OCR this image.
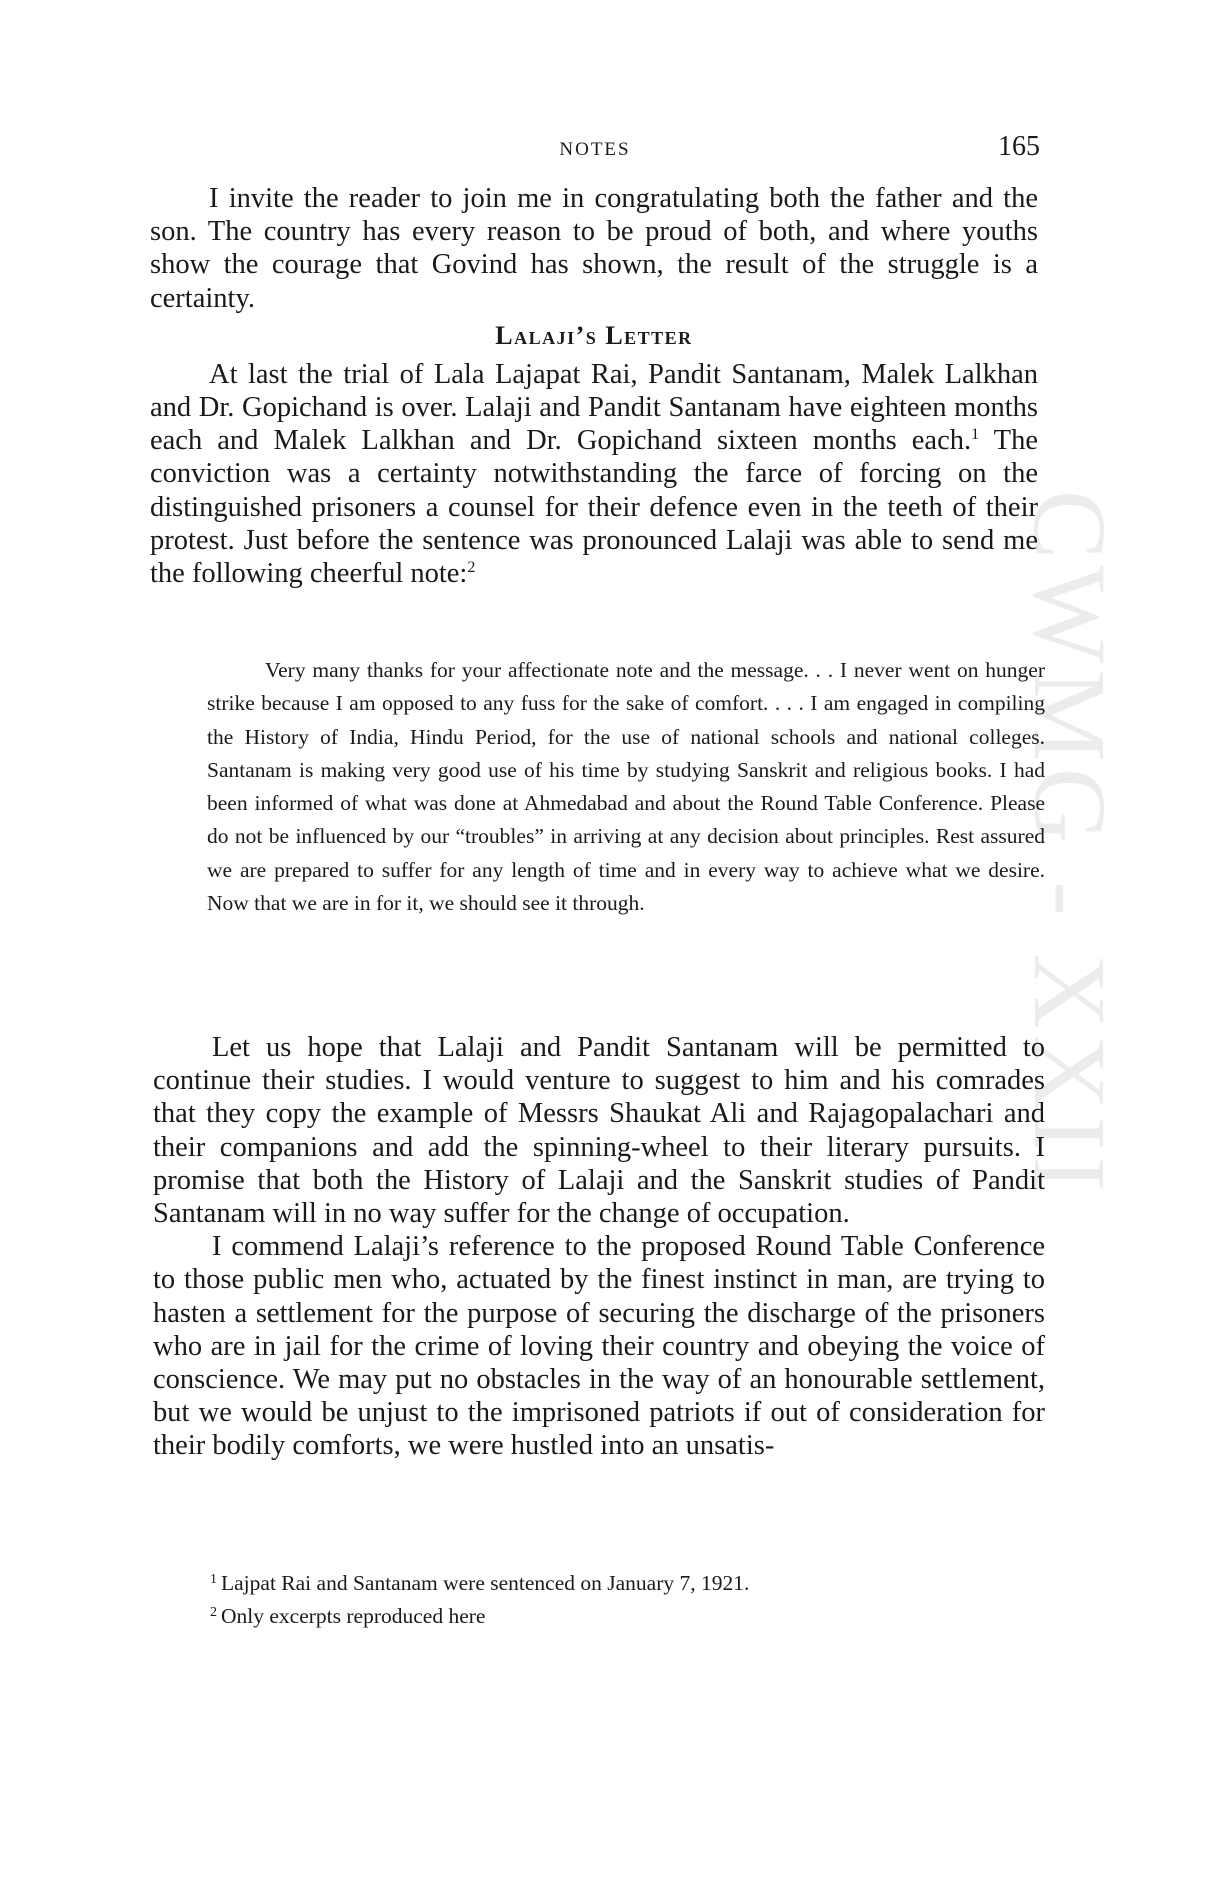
CWMG - XXII
NOTES	165

I invite the reader to join me in congratulating both the father and the son. The country has every reason to be proud of both, and where youths show the courage that Govind has shown, the result of the struggle is a certainty.

Lalaji’s Letter

At last the trial of Lala Lajapat Rai, Pandit Santanam, Malek Lalkhan and Dr. Gopichand is over. Lalaji and Pandit Santanam have eighteen months each and Malek Lalkhan and Dr. Gopichand sixteen months each.$^1$ The conviction was a certainty notwithstanding the farce of forcing on the distinguished prisoners a counsel for their defence even in the teeth of their protest. Just before the sentence was pronounced Lalaji was able to send me the following cheerful note:$^2$

Very many thanks for your affectionate note and the message. . . I never went on hunger strike because I am opposed to any fuss for the sake of comfort. . . . I am engaged in compiling the History of India, Hindu Period, for the use of national schools and national colleges. Santanam is making very good use of his time by studying Sanskrit and religious books. I had been informed of what was done at Ahmedabad and about the Round Table Conference. Please do not be influenced by our “troubles” in arriving at any decision about principles. Rest assured we are prepared to suffer for any length of time and in every way to achieve what we desire. Now that we are in for it, we should see it through.

Let us hope that Lalaji and Pandit Santanam will be permitted to continue their studies. I would venture to suggest to him and his comrades that they copy the example of Messrs Shaukat Ali and Rajagopalachari and their companions and add the spinning-wheel to their literary pursuits. I promise that both the History of Lalaji and the Sanskrit studies of Pandit Santanam will in no way suffer for the change of occupation.

I commend Lalaji’s reference to the proposed Round Table Conference to those public men who, actuated by the finest instinct in man, are trying to hasten a settlement for the purpose of securing the discharge of the prisoners who are in jail for the crime of loving their country and obeying the voice of conscience. We may put no obstacles in the way of an honourable settlement, but we would be unjust to the imprisoned patriots if out of consideration for their bodily comforts, we were hustled into an unsatis-

$^1$ Lajpat Rai and Santanam were sentenced on January 7, 1921.
$^2$ Only excerpts reproduced here
